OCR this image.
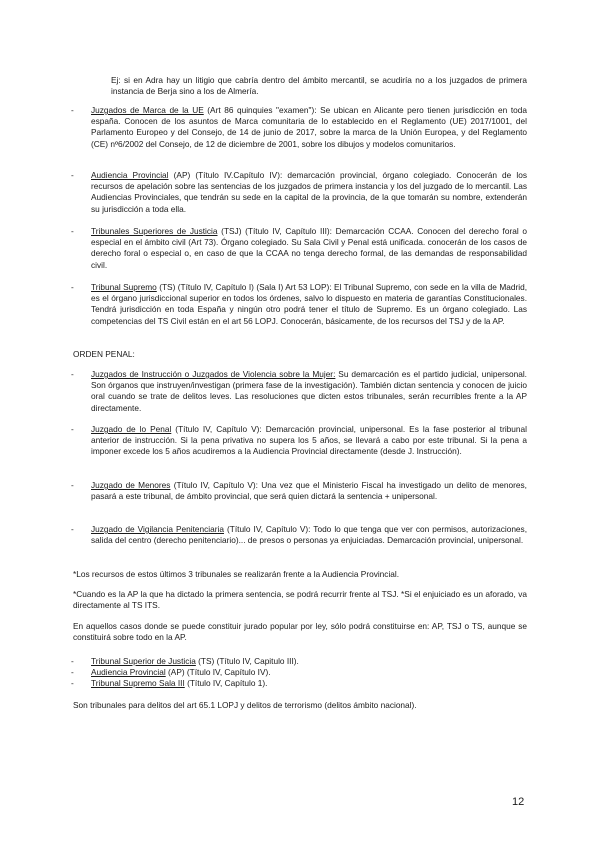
Ej: si en Adra hay un litigio que cabría dentro del ámbito mercantil, se acudiría no a los juzgados de primera instancia de Berja sino a los de Almería.

- Juzgados de Marca de la UE (Art 86 quinquies "examen"): Se ubican en Alicante pero tienen jurisdicción en toda españa. Conocen de los asuntos de Marca comunitaria de lo establecido en el Reglamento (UE) 2017/1001, del Parlamento Europeo y del Consejo, de 14 de junio de 2017, sobre la marca de la Unión Europea, y del Reglamento (CE) nº6/2002 del Consejo, de 12 de diciembre de 2001, sobre los dibujos y modelos comunitarios.
- Audiencia Provincial (AP) (Título IV.Capítulo IV): demarcación provincial, órgano colegiado. Conocerán de los recursos de apelación sobre las sentencias de los juzgados de primera instancia y los del juzgado de lo mercantil. Las Audiencias Provinciales, que tendrán su sede en la capital de la provincia, de la que tomarán su nombre, extenderán su jurisdicción a toda ella.
- Tribunales Superiores de Justicia (TSJ) (Título IV, Capítulo III): Demarcación CCAA. Conocen del derecho foral o especial en el ámbito civil (Art 73). Órgano colegiado. Su Sala Civil y Penal está unificada. conocerán de los casos de derecho foral o especial o, en caso de que la CCAA no tenga derecho formal, de las demandas de responsabilidad civil.
- Tribunal Supremo (TS) (Título IV, Capítulo I) (Sala I) Art 53 LOP): El Tribunal Supremo, con sede en la villa de Madrid, es el órgano jurisdiccional superior en todos los órdenes, salvo lo dispuesto en materia de garantías Constitucionales. Tendrá jurisdicción en toda España y ningún otro podrá tener el título de Supremo. Es un órgano colegiado. Las competencias del TS Civil están en el art 56 LOPJ. Conocerán, básicamente, de los recursos del TSJ y de la AP.

ORDEN PENAL:

- Juzgados de Instrucción o Juzgados de Violencia sobre la Mujer: Su demarcación es el partido judicial, unipersonal. Son órganos que instruyen/investigan (primera fase de la investigación). También dictan sentencia y conocen de juicio oral cuando se trate de delitos leves. Las resoluciones que dicten estos tribunales, serán recurribles frente a la AP directamente.
- Juzgado de lo Penal (Título IV, Capítulo V): Demarcación provincial, unipersonal. Es la fase posterior al tribunal anterior de instrucción. Si la pena privativa no supera los 5 años, se llevará a cabo por este tribunal. Si la pena a imponer excede los 5 años acudiremos a la Audiencia Provincial directamente (desde J. Instrucción).
- Juzgado de Menores (Título IV, Capítulo V): Una vez que el Ministerio Fiscal ha investigado un delito de menores, pasará a este tribunal, de ámbito provincial, que será quien dictará la sentencia + unipersonal.
- Juzgado de Vigilancia Penitenciaria (Título IV, Capítulo V): Todo lo que tenga que ver con permisos, autorizaciones, salida del centro (derecho penitenciario)... de presos o personas ya enjuiciadas. Demarcación provincial, unipersonal.

*Los recursos de estos últimos 3 tribunales se realizarán frente a la Audiencia Provincial.

*Cuando es la AP la que ha dictado la primera sentencia, se podrá recurrir frente al TSJ. *Si el enjuiciado es un aforado, va directamente al TS ITS.

En aquellos casos donde se puede constituir jurado popular por ley, sólo podrá constituirse en: AP, TSJ o TS, aunque se constituirá sobre todo en la AP.

- Tribunal Superior de Justicia (TS) (Título IV, Capitulo III).
- Audiencia Provincial (AP) (Título IV, Capítulo IV).
- Tribunal Supremo Sala III (Título IV, Capítulo 1).

Son tribunales para delitos del art 65.1 LOPJ y delitos de terrorismo (delitos ámbito nacional).

12
